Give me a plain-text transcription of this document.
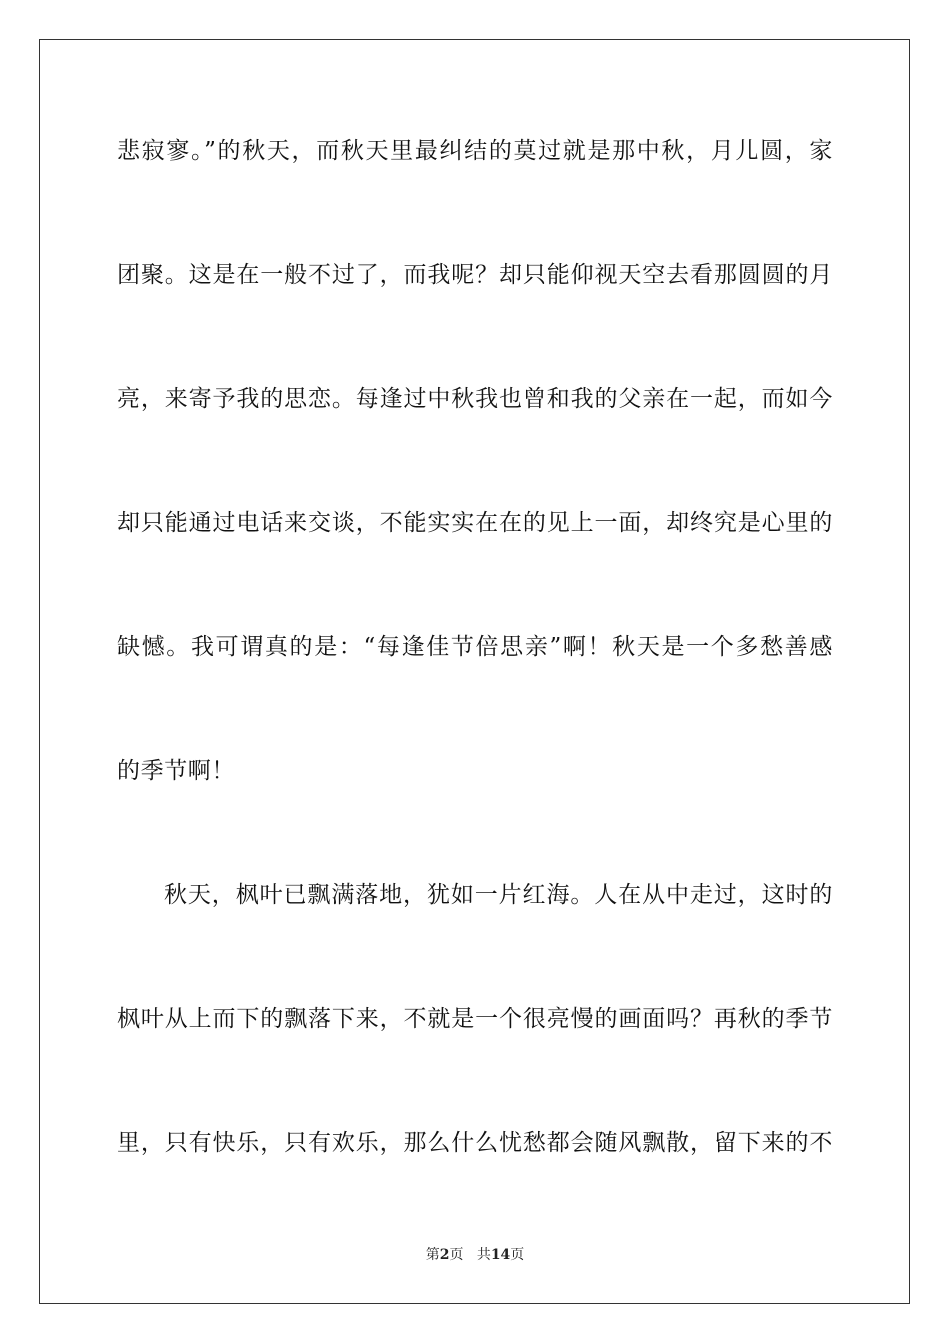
悲寂寥。”的秋天，而秋天里最纠结的莫过就是那中秋，月儿圆，家
团聚。这是在一般不过了，而我呢？却只能仰视天空去看那圆圆的月
亮，来寄予我的思恋。每逢过中秋我也曾和我的父亲在一起，而如今
却只能通过电话来交谈，不能实实在在的见上一面，却终究是心里的
缺憾。我可谓真的是：“每逢佳节倍思亲”啊！秋天是一个多愁善感
的季节啊！
秋天，枫叶已飘满落地，犹如一片红海。人在从中走过，这时的
枫叶从上而下的飘落下来，不就是一个很亮慢的画面吗？再秋的季节
里，只有快乐，只有欢乐，那么什么忧愁都会随风飘散，留下来的不
第2页 共14页
